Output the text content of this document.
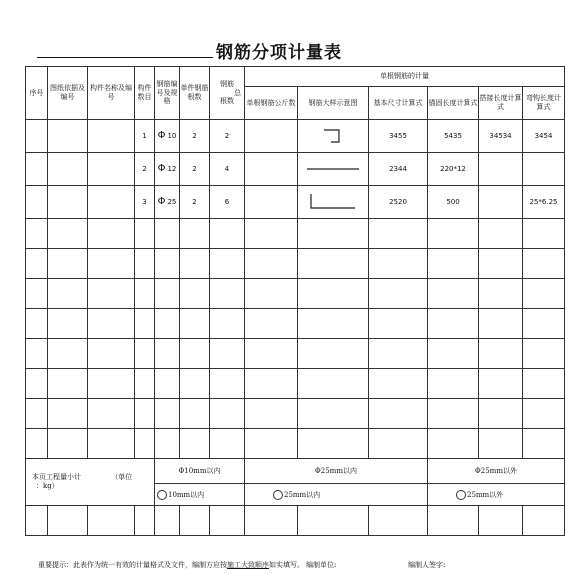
钢筋分项计量表
序号	图纸依据及编号	构件名称及编号	构件数目	钢筋编号及规格	单件钢筋根数	钢筋
总
根数	单根钢筋的计量					
							单根钢筋公斤数	钢筋大样示意图	基本尺寸计算式	锚固长度计算式	搭接长度计算式	弯钩长度计算式
			1	Φ 10	2	2			3455	5435	34534	3454
			2	Φ 12	2	4			2344	220*12		
			3	Φ 25	2	6			2520	500		25*6.25

本页工程量小计 （单位
：kg）				Φ10mm以内			Φ25mm以内			Φ25mm以外		
				10mm以内			25mm以内			25mm以外		

重要提示：此表作为统一有效的计量格式及文件，编制方应按施工大致顺序如实填写。 编制单位:	编制人签字:
